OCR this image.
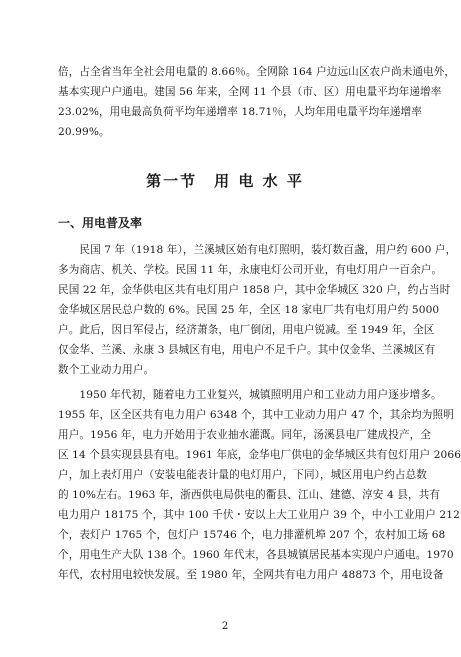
倍，占全省当年全社会用电量的 8.66％。全网除 164 户边远山区农户尚未通电外，
基本实现户户通电。建国 56 年来，全网 11 个县（市、区）用电量平均年递增率
23.02%，用电最高负荷平均年递增率 18.71％，人均年用电量平均年递增率
20.99%。

第一节　用 电 水 平
一、用电普及率

　　民国 7 年（1918 年），兰溪城区始有电灯照明，装灯数百盏，用户约 600 户，
多为商店、机关、学校。民国 11 年，永康电灯公司开业，有电灯用户一百余户。
民国 22 年，金华供电区共有电灯用户 1858 户，其中金华城区 320 户，约占当时
金华城区居民总户数的 6%。民国 25 年，全区 18 家电厂共有电灯用户约 5000
户。此后，因日军侵占，经济萧条，电厂倒闭，用电户锐减。至 1949 年，全区
仅金华、兰溪、永康 3 县城区有电，用电户不足千户。其中仅金华、兰溪城区有
数个工业动力用户。

　　1950 年代初，随着电力工业复兴，城镇照明用户和工业动力用户逐步增多。
1955 年，区全区共有电力用户 6348 个，其中工业动力用户 47 个，其余均为照明
用户。1956 年，电力开始用于农业抽水灌溉。同年，汤溪县电厂建成投产，全
区 14 个县实现县县有电。1961 年底，金华电厂供电的金华城区共有包灯用户 2066
户，加上表灯用户（安装电能表计量的电灯用户，下同），城区用电户约占总数
的 10%左右。1963 年，浙西供电局供电的衢县、江山、建德、淳安 4 县，共有
电力用户 18175 个，其中 100 千伏・安以上大工业用户 39 个，中小工业用户 212
个，表灯户 1765 个，包灯户 15746 个，电力排灌机埠 207 个，农村加工场 68
个，用电生产大队 138 个。1960 年代末，各县城镇居民基本实现户户通电。1970
年代，农村用电较快发展。至 1980 年，全网共有电力用户 48873 个，用电设备

2
